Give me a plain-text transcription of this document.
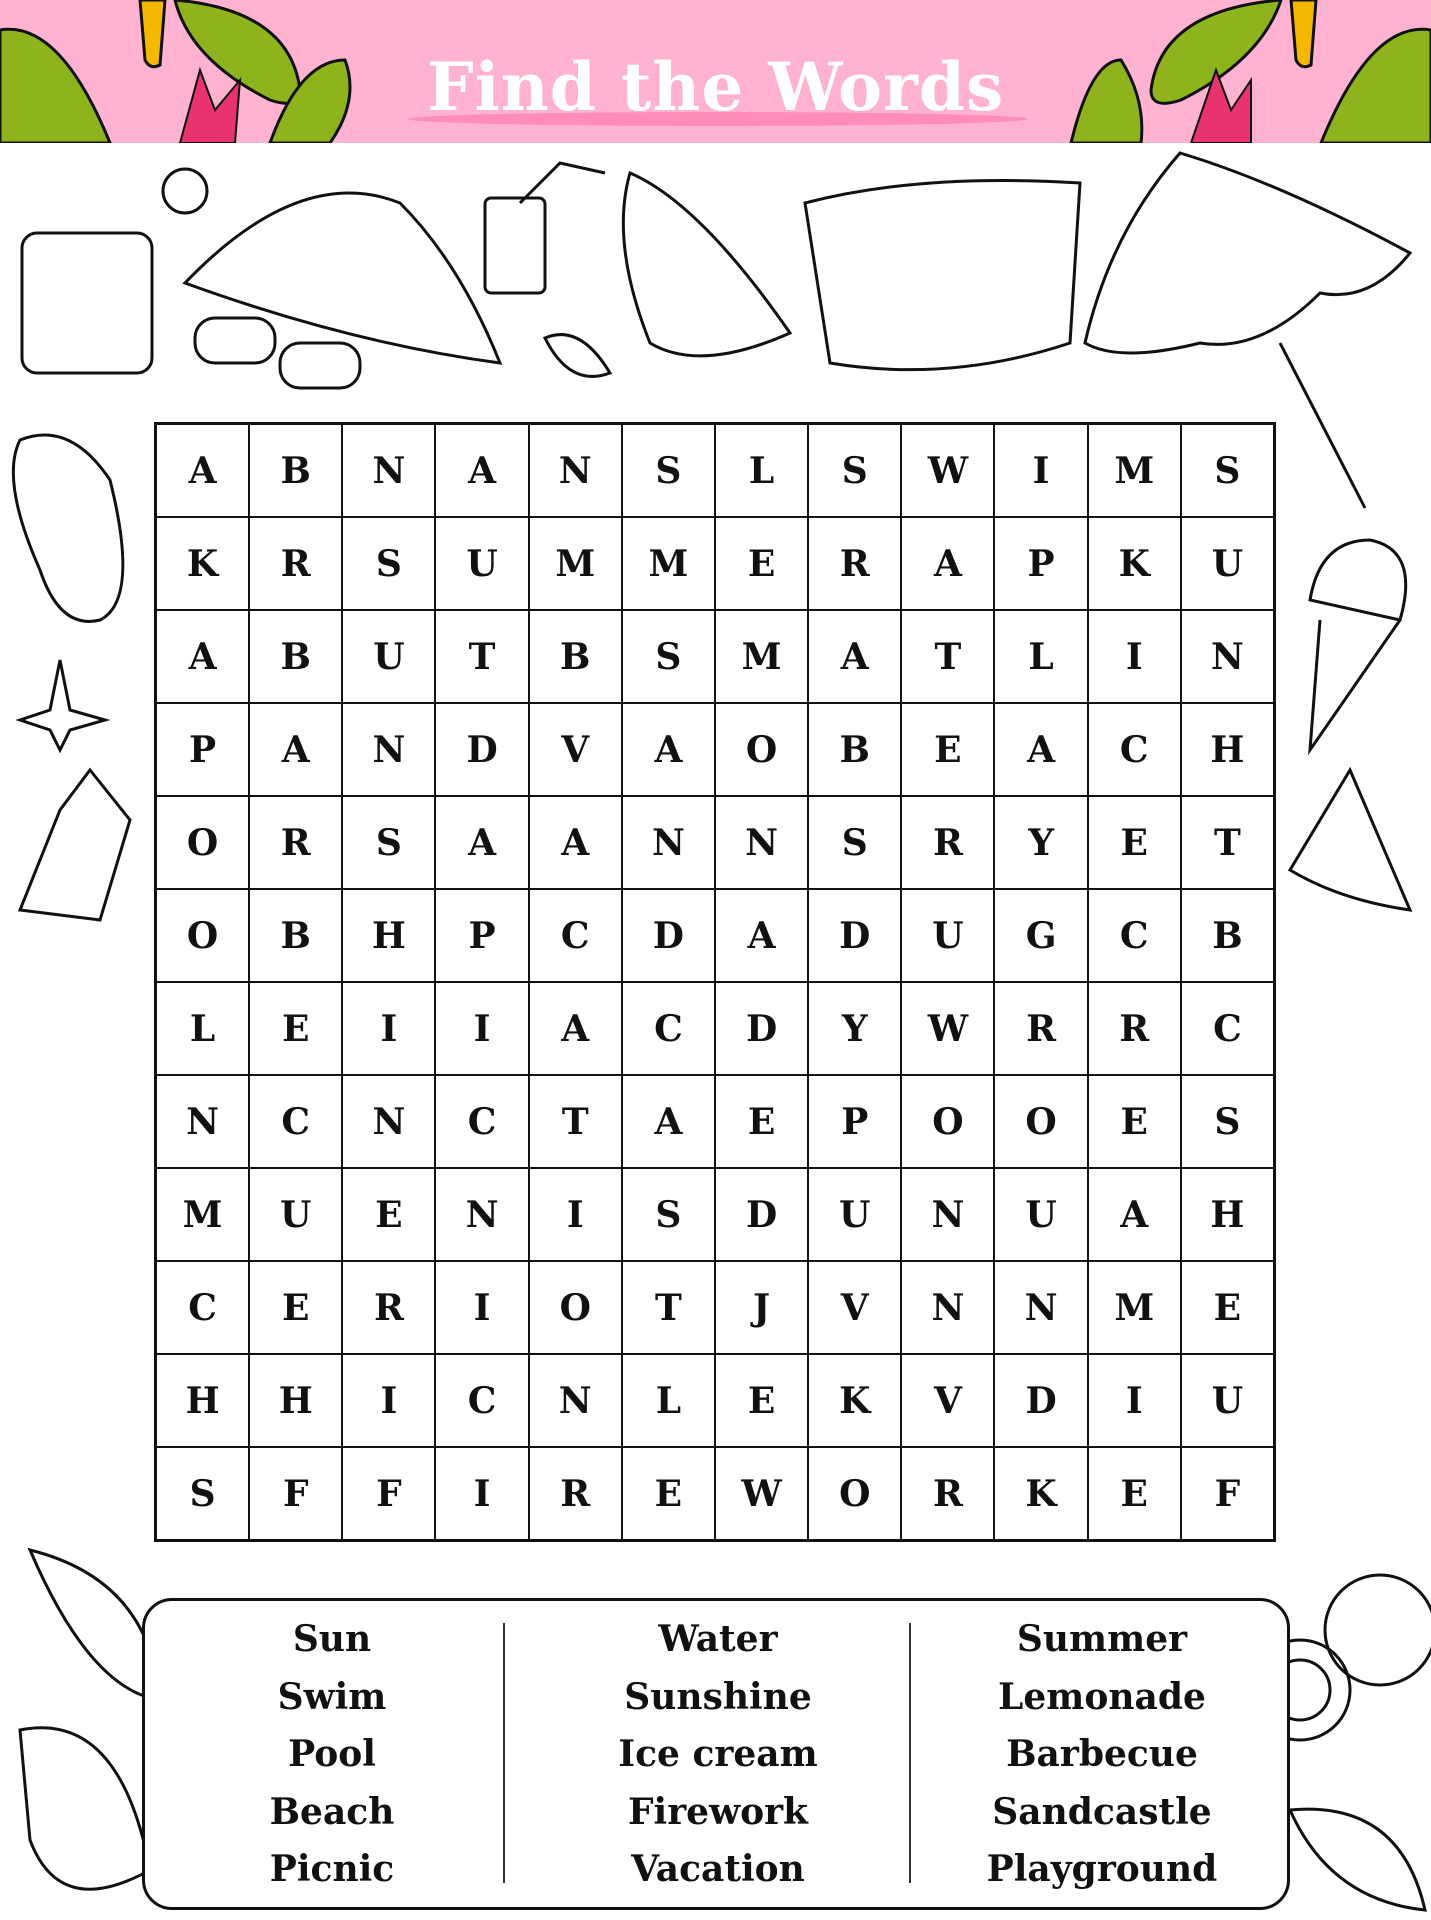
Find the Words
A	B	N	A	N	S	L	S	W	I	M	S
K	R	S	U	M	M	E	R	A	P	K	U
A	B	U	T	B	S	M	A	T	L	I	N
P	A	N	D	V	A	O	B	E	A	C	H
O	R	S	A	A	N	N	S	R	Y	E	T
O	B	H	P	C	D	A	D	U	G	C	B
L	E	I	I	A	C	D	Y	W	R	R	C
N	C	N	C	T	A	E	P	O	O	E	S
M	U	E	N	I	S	D	U	N	U	A	H
C	E	R	I	O	T	J	V	N	N	M	E
H	H	I	C	N	L	E	K	V	D	I	U
S	F	F	I	R	E	W	O	R	K	E	F
Sun
Swim
Pool
Beach
Picnic
Water
Sunshine
Ice cream
Firework
Vacation
Summer
Lemonade
Barbecue
Sandcastle
Playground
